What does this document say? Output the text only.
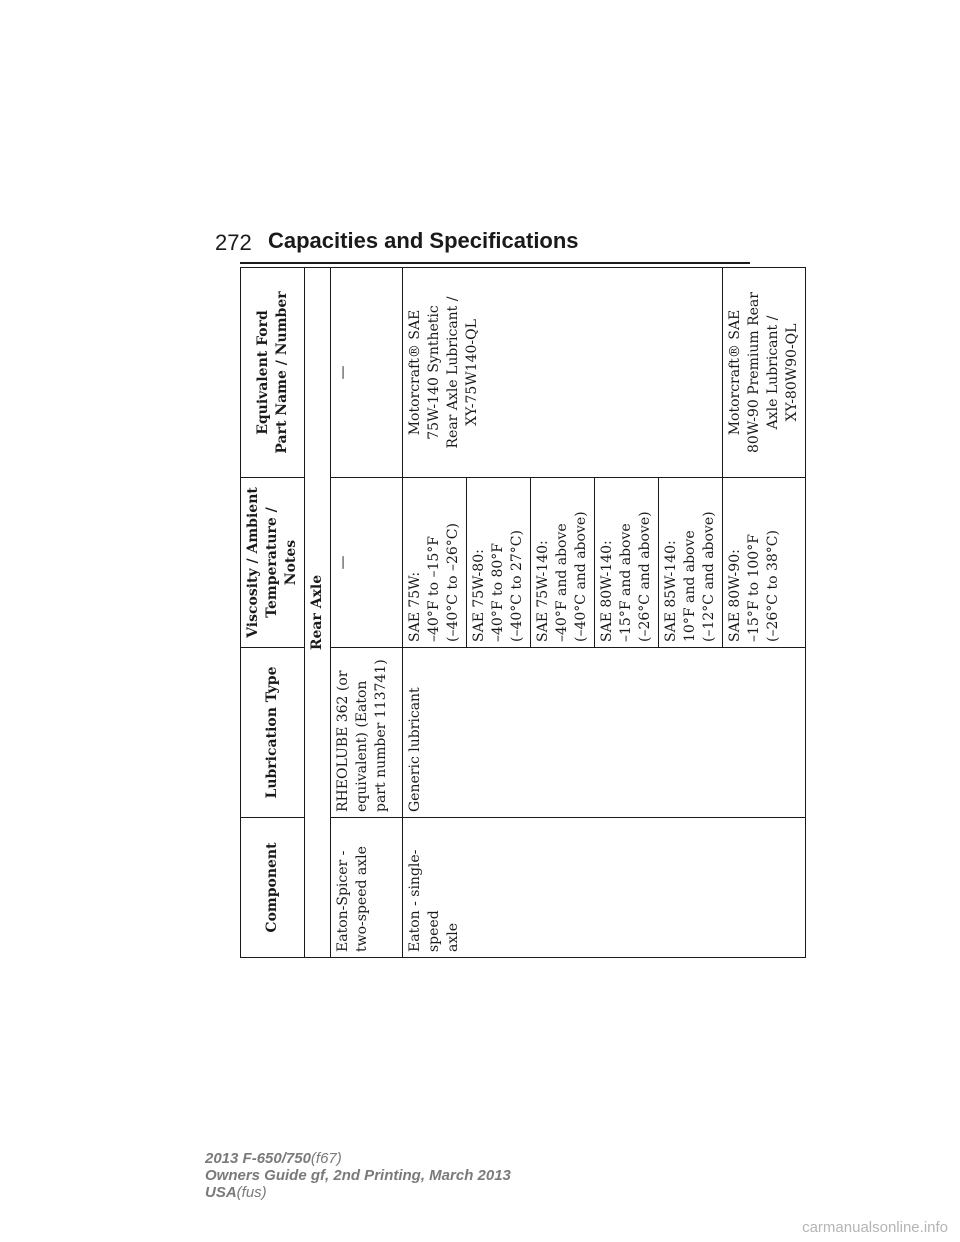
272 Capacities and Specifications
Component	Lubrication Type	Viscosity / Ambient Temperature / Notes	Equivalent Ford Part Name / Number
Rear Axle			
Eaton-Spicer - two-speed axle	RHEOLUBE 362 (or equivalent) (Eaton part number 113741)	—	—
Eaton - single-speed axle	Generic lubricant	SAE 75W: –40°F to –15°F (–40°C to –26°C)	Motorcraft® SAE 75W-140 Synthetic Rear Axle Lubricant / XY-75W140-QL
		SAE 75W-80: –40°F to 80°F (–40°C to 27°C)	
		SAE 75W-140: –40°F and above (–40°C and above)	
		SAE 80W-140: –15°F and above (–26°C and above)	
		SAE 85W-140: 10°F and above (–12°C and above)	
		SAE 80W-90: –15°F to 100°F (–26°C to 38°C)	Motorcraft® SAE 80W-90 Premium Rear Axle Lubricant / XY-80W90-QL
2013 F-650/750(f67)
Owners Guide gf, 2nd Printing, March 2013
USA(fus)
carmanualsonline.info
